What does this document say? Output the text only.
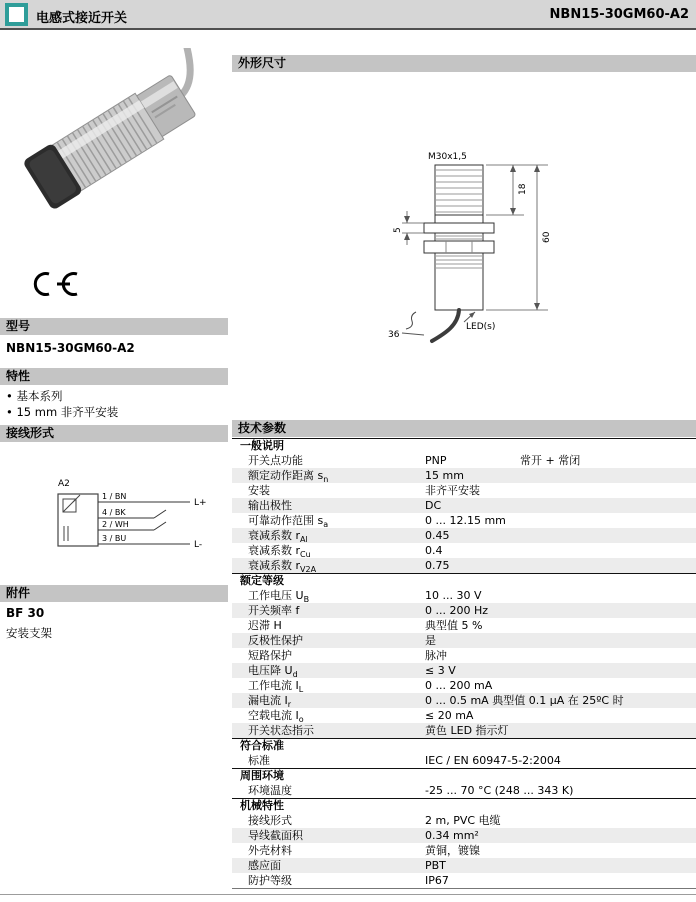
电感式接近开关	NBN15-30GM60-A2
型号
NBN15-30GM60-A2
特性
• 基本系列
• 15 mm 非齐平安装
接线形式
A2
1 / BN
4 / BK
2 / WH
3 / BU
L+
L-
附件
BF 30
安装支架
外形尺寸
M30x1,5
36
LED(s)
18
60
5
技术参数
一般说明
开关点功能	PNP	常开 + 常闭
额定动作距离 $s_n$	15 mm
安装	非齐平安装
输出极性	DC
可靠动作范围 $s_a$	0 ... 12.15 mm
衰减系数 $r_{Al}$	0.45
衰减系数 $r_{Cu}$	0.4
衰减系数 $r_{V2A}$	0.75
额定等级
工作电压 $U_B$	10 ... 30 V
开关频率 f	0 ... 200 Hz
迟滞 H	典型值 5 %
反极性保护	是
短路保护	脉冲
电压降 $U_d$	≤ 3 V
工作电流 $I_L$	0 ... 200 mA
漏电流 $I_r$	0 ... 0.5 mA 典型值 0.1 µA 在 25ºC 时
空载电流 $I_o$	≤ 20 mA
开关状态指示	黄色 LED 指示灯
符合标准
标准	IEC / EN 60947-5-2:2004
周围环境
环境温度	-25 ... 70 °C (248 ... 343 K)
机械特性
接线形式	2 m, PVC 电缆
导线截面积	0.34 mm²
外壳材料	黄铜，镀镍
感应面	PBT
防护等级	IP67
